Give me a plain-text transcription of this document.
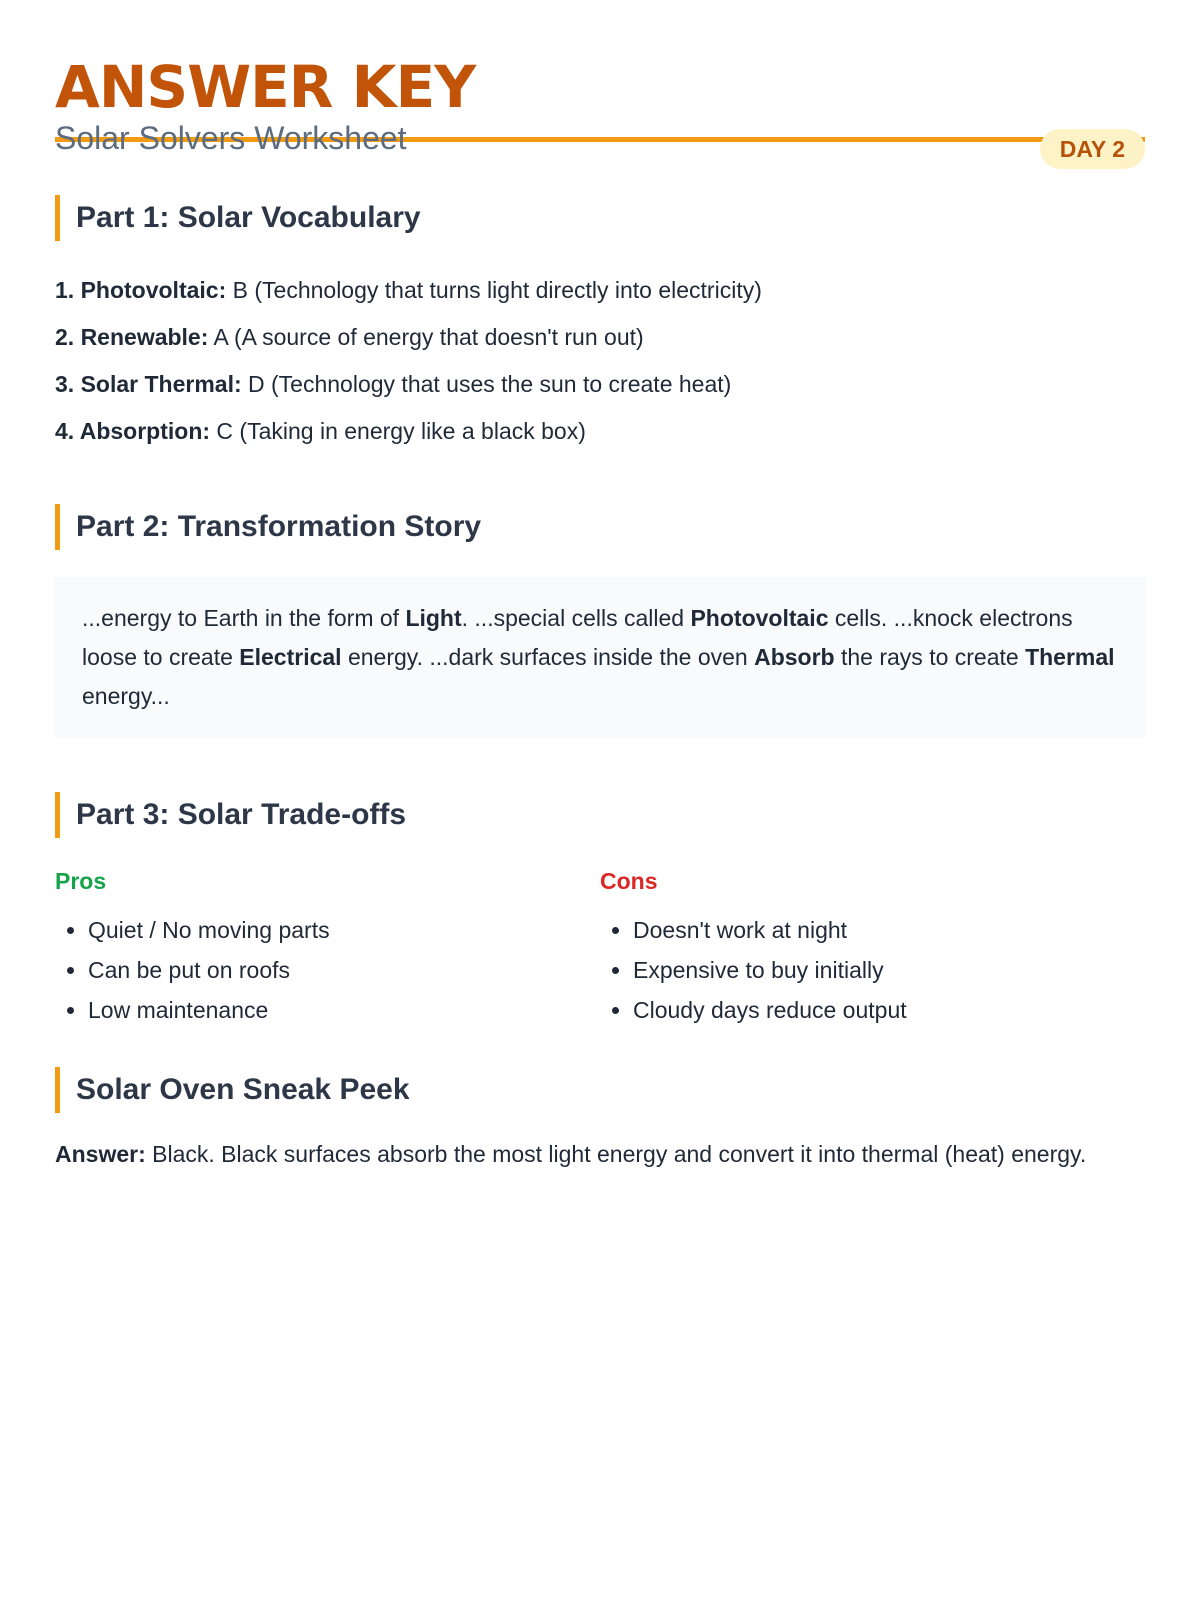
ANSWER KEY
Solar Solvers Worksheet	DAY 2
Part 1: Solar Vocabulary
1. Photovoltaic: B (Technology that turns light directly into electricity)
2. Renewable: A (A source of energy that doesn't run out)
3. Solar Thermal: D (Technology that uses the sun to create heat)
4. Absorption: C (Taking in energy like a black box)
Part 2: Transformation Story
...energy to Earth in the form of Light. ...special cells called Photovoltaic cells. ...knock electrons loose to create Electrical energy. ...dark surfaces inside the oven Absorb the rays to create Thermal energy...
Part 3: Solar Trade-offs
Pros
• Quiet / No moving parts
• Can be put on roofs
• Low maintenance
Cons
• Doesn't work at night
• Expensive to buy initially
• Cloudy days reduce output
Solar Oven Sneak Peek
Answer: Black. Black surfaces absorb the most light energy and convert it into thermal (heat) energy.
